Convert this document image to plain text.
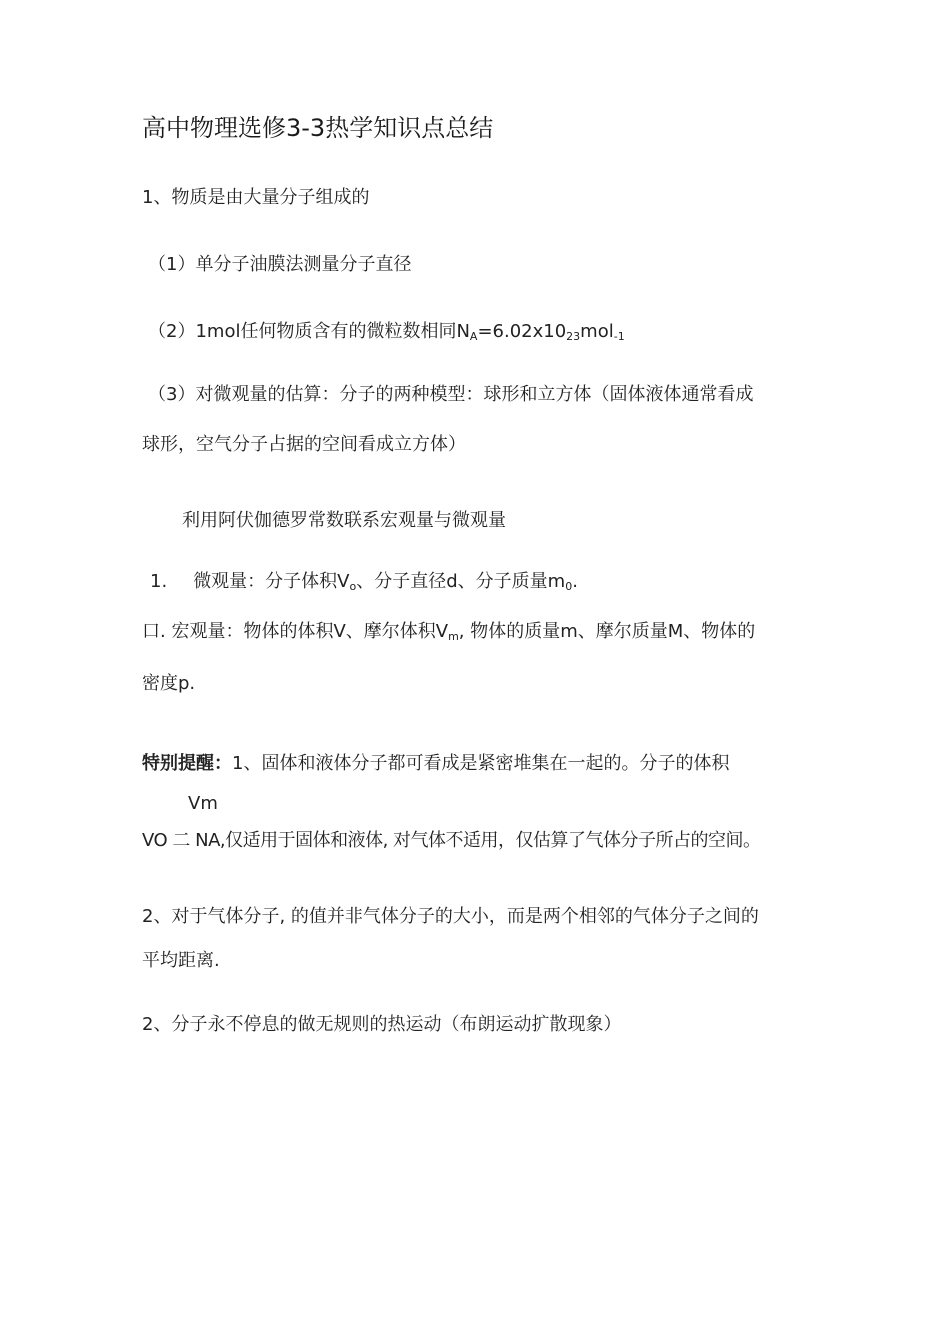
高中物理选修3-3热学知识点总结
1、物质是由大量分子组成的
（1）单分子油膜法测量分子直径
（2）1mol任何物质含有的微粒数相同$N_A=6.02x10^{23}mol^{-1}$
（3）对微观量的估算：分子的两种模型：球形和立方体（固体液体通常看成
球形，空气分子占据的空间看成立方体）
利用阿伏伽德罗常数联系宏观量与微观量
1. 微观量：分子体积$V_o$、分子直径d、分子质量$m_0$.
口. 宏观量：物体的体积V、摩尔体积$V_m$, 物体的质量m、摩尔质量M、物体的
密度p.
特别提醒：1、固体和液体分子都可看成是紧密堆集在一起的。分子的体积
Vm
VO 二 NA,仅适用于固体和液体, 对气体不适用，仅估算了气体分子所占的空间。
2、对于气体分子, 的值并非气体分子的大小，而是两个相邻的气体分子之间的
平均距离.
2、分子永不停息的做无规则的热运动（布朗运动扩散现象）
